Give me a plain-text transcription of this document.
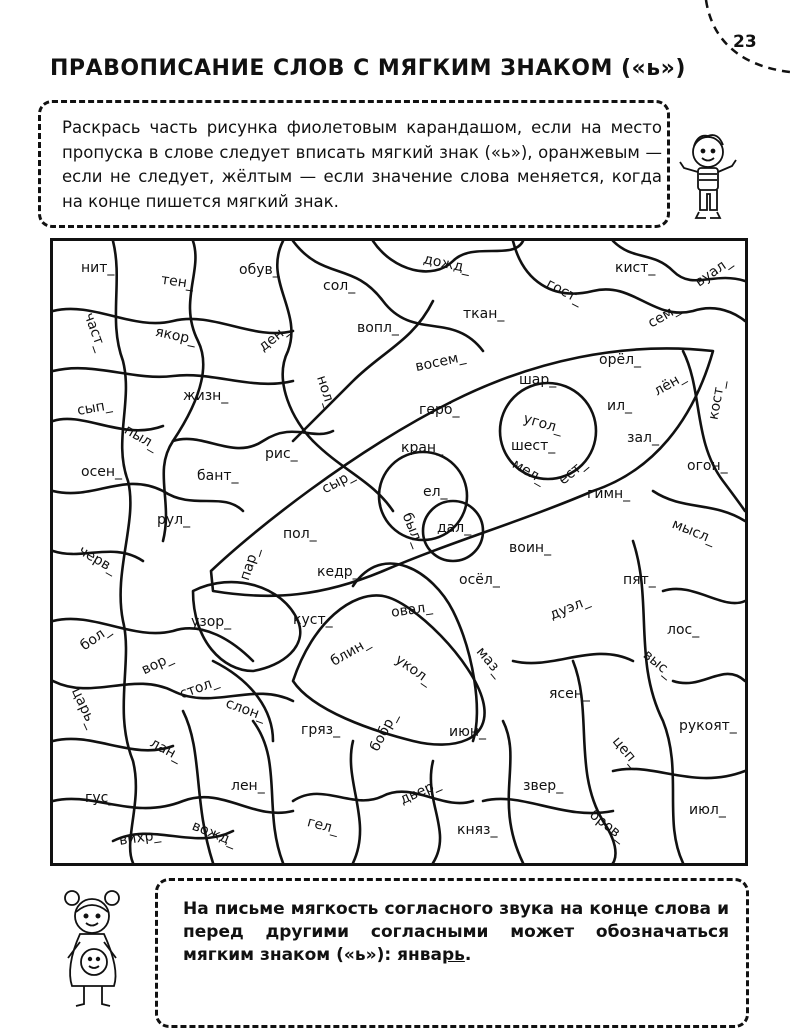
23
ПРАВОПИСАНИЕ СЛОВ С МЯГКИМ ЗНАКОМ («ь»)
Раскрась часть рисунка фиолетовым карандашом, если на место пропуска в слове следует вписать мягкий знак («ь»), оранжевым — если не следует, жёлтым — если значение слова меняется, когда на конце пишется мягкий знак.
нит_
тен_
обув_	дожд_	кист_	вуал_
сол_	гост_
сем_
част_	якор_	ден_	вопл_
ткан_
восем_	орёл_
шар_	лён_
сып_
жизн_	нол_	герб_
угол_
ил_	кост_
пыл_	шест_	зал_
кран_
рис_
бант_	мел_ ест_
осен_	огон_
сыр_	ел_	гимн_
рул_	дал_
был_
пол_	мысл_
черв_	воин_
пар_	кедр_	осёл_	пят_
узор_	куст_	овал_	дуэл_
бол_	лос_
вор_	блин_ укол_	маз_	выс_
стол_
царь_	ясен_
слон_
гряз_ бобр_	июн_	рукоят_
лан_	цеп_
лен_
гус_	двер_	звер_
июл_
вихр_ вожд_	гел_	княз_	бров_
На письме мягкость согласного звука на конце слова и перед другими согласными может обозначаться мягким знаком («ь»): январь.
